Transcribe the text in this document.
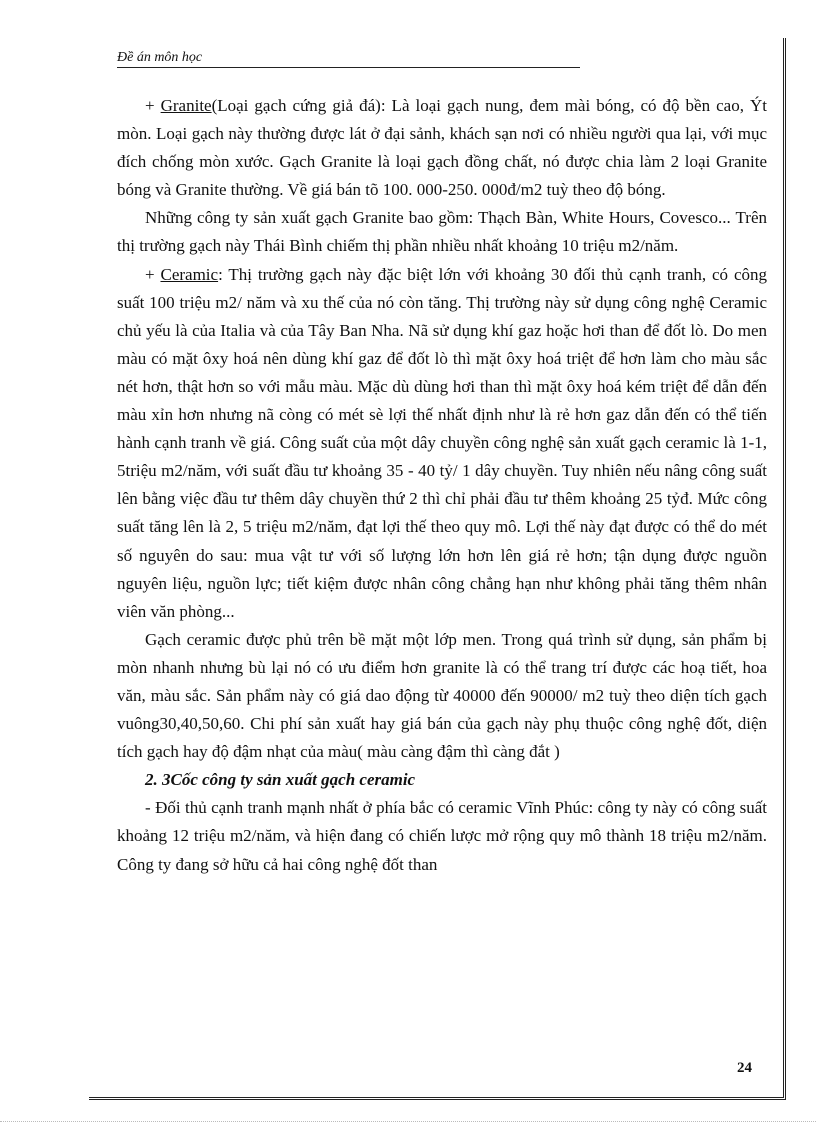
Đề án môn học

+ Granite(Loại gạch cứng giả đá): Là loại gạch nung, đem mài bóng, có độ bền cao, Ýt mòn. Loại gạch này thường được lát ở đại sảnh, khách sạn nơi có nhiều người qua lại, với mục đích chống mòn xước. Gạch Granite là loại gạch đồng chất, nó được chia làm 2 loại Granite bóng và Granite thường. Về giá bán tõ 100. 000-250. 000đ/m2 tuỳ theo độ bóng.

Những công ty sản xuất gạch Granite bao gồm: Thạch Bàn, White Hours, Covesco... Trên thị trường gạch này Thái Bình chiếm thị phần nhiều nhất khoảng 10 triệu m2/năm.

+ Ceramic: Thị trường gạch này đặc biệt lớn với khoảng 30 đối thủ cạnh tranh, có công suất 100 triệu m2/ năm và xu thế của nó còn tăng. Thị trường này sử dụng công nghệ Ceramic chủ yếu là của Italia và của Tây Ban Nha. Nã sử dụng khí gaz hoặc hơi than để đốt lò. Do men màu có mặt ôxy hoá nên dùng khí gaz để đốt lò thì mặt ôxy hoá triệt để hơn làm cho màu sắc nét hơn, thật hơn so với mẫu màu. Mặc dù dùng hơi than thì mặt ôxy hoá kém triệt để dẫn đến màu xỉn hơn nhưng nã còng có mét sè lợi thế nhất định như là rẻ hơn gaz dẫn đến có thể tiến hành cạnh tranh về giá. Công suất của một dây chuyền công nghệ sản xuất gạch ceramic là 1-1, 5triệu m2/năm, với suất đầu tư khoảng 35 - 40 tỷ/ 1 dây chuyền. Tuy nhiên nếu nâng công suất lên bằng việc đầu tư thêm dây chuyền thứ 2 thì chỉ phải đầu tư thêm khoảng 25 tỷđ. Mức công suất tăng lên là 2, 5 triệu m2/năm, đạt lợi thế theo quy mô. Lợi thế này đạt được có thể do mét số nguyên do sau: mua vật tư với số lượng lớn hơn lên giá rẻ hơn; tận dụng được nguồn nguyên liệu, nguồn lực; tiết kiệm được nhân công chẳng hạn như không phải tăng thêm nhân viên văn phòng...

Gạch ceramic được phủ trên bề mặt một lớp men. Trong quá trình sử dụng, sản phẩm bị mòn nhanh nhưng bù lại nó có ưu điểm hơn granite là có thể trang trí được các hoạ tiết, hoa văn, màu sắc. Sản phẩm này có giá dao động từ 40000 đến 90000/ m2 tuỳ theo diện tích gạch vuông30,40,50,60. Chi phí sản xuất hay giá bán của gạch này phụ thuộc công nghệ đốt, diện tích gạch hay độ đậm nhạt của màu( màu càng đậm thì càng đắt )

2. 3Cốc công ty sản xuất gạch ceramic

- Đối thủ cạnh tranh mạnh nhất ở phía bắc có ceramic Vĩnh Phúc: công ty này có công suất khoảng 12 triệu m2/năm, và hiện đang có chiến lược mở rộng quy mô thành 18 triệu m2/năm. Công ty đang sở hữu cả hai công nghệ đốt than

24
